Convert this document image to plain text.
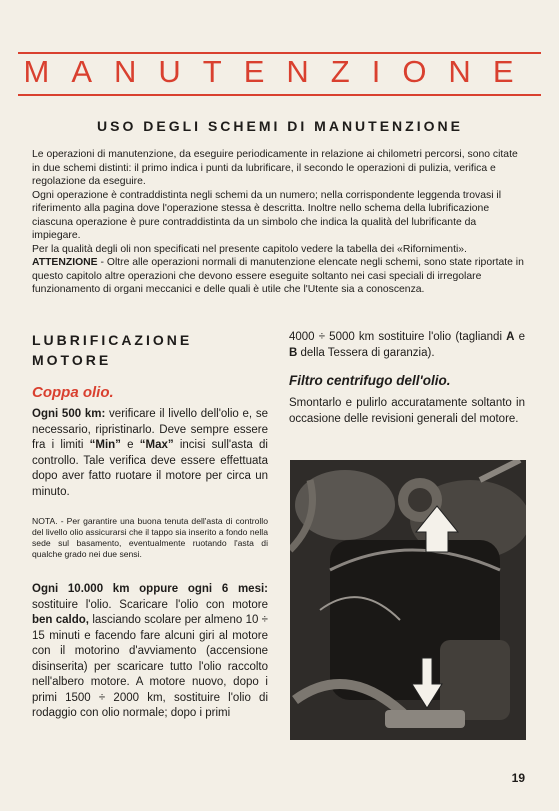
MANUTENZIONE
USO DEGLI SCHEMI DI MANUTENZIONE

Le operazioni di manutenzione, da eseguire periodicamente in relazione ai chilometri percorsi, sono citate in due schemi distinti: il primo indica i punti da lubrificare, il secondo le operazioni di pulizia, verifica e regolazione da eseguire.

Ogni operazione è contraddistinta negli schemi da un numero; nella corrispondente leggenda trovasi il riferimento alla pagina dove l'operazione stessa è descritta. Inoltre nello schema della lubrificazione ciascuna operazione è pure contraddistinta da un simbolo che indica la qualità del lubrificante da impiegare.

Per la qualità degli oli non specificati nel presente capitolo vedere la tabella dei «Rifornimenti».

ATTENZIONE - Oltre alle operazioni normali di manutenzione elencate negli schemi, sono state riportate in questo capitolo altre operazioni che devono essere eseguite soltanto nei casi speciali di irregolare funzionamento di organi meccanici e delle quali è utile che l'Utente sia a conoscenza.

LUBRIFICAZIONE

MOTORE

Coppa olio.

Ogni 500 km: verificare il livello dell'olio e, se necessario, ripristinarlo. Deve sempre essere fra i limiti “Min” e “Max” incisi sull'asta di controllo. Tale verifica deve essere effettuata dopo aver fatto ruotare il motore per circa un minuto.

NOTA. - Per garantire una buona tenuta dell'asta di controllo del livello olio assicurarsi che il tappo sia inserito a fondo nella sede sul basamento, eventualmente ruotando l'asta di qualche grado nei due sensi.

Ogni 10.000 km oppure ogni 6 mesi: sostituire l'olio. Scaricare l'olio con motore ben caldo, lasciando scolare per almeno 10 ÷ 15 minuti e facendo fare alcuni giri al motore con il motorino d'avviamento (accensione disinserita) per scaricare tutto l'olio raccolto nell'albero motore. A motore nuovo, dopo i primi 1500 ÷ 2000 km, sostituire l'olio di rodaggio con olio normale; dopo i primi

4000 ÷ 5000 km sostituire l'olio (tagliandi A e B della Tessera di garanzia).

Filtro centrifugo dell'olio.

Smontarlo e pulirlo accuratamente soltanto in occasione delle revisioni generali del motore.

19
